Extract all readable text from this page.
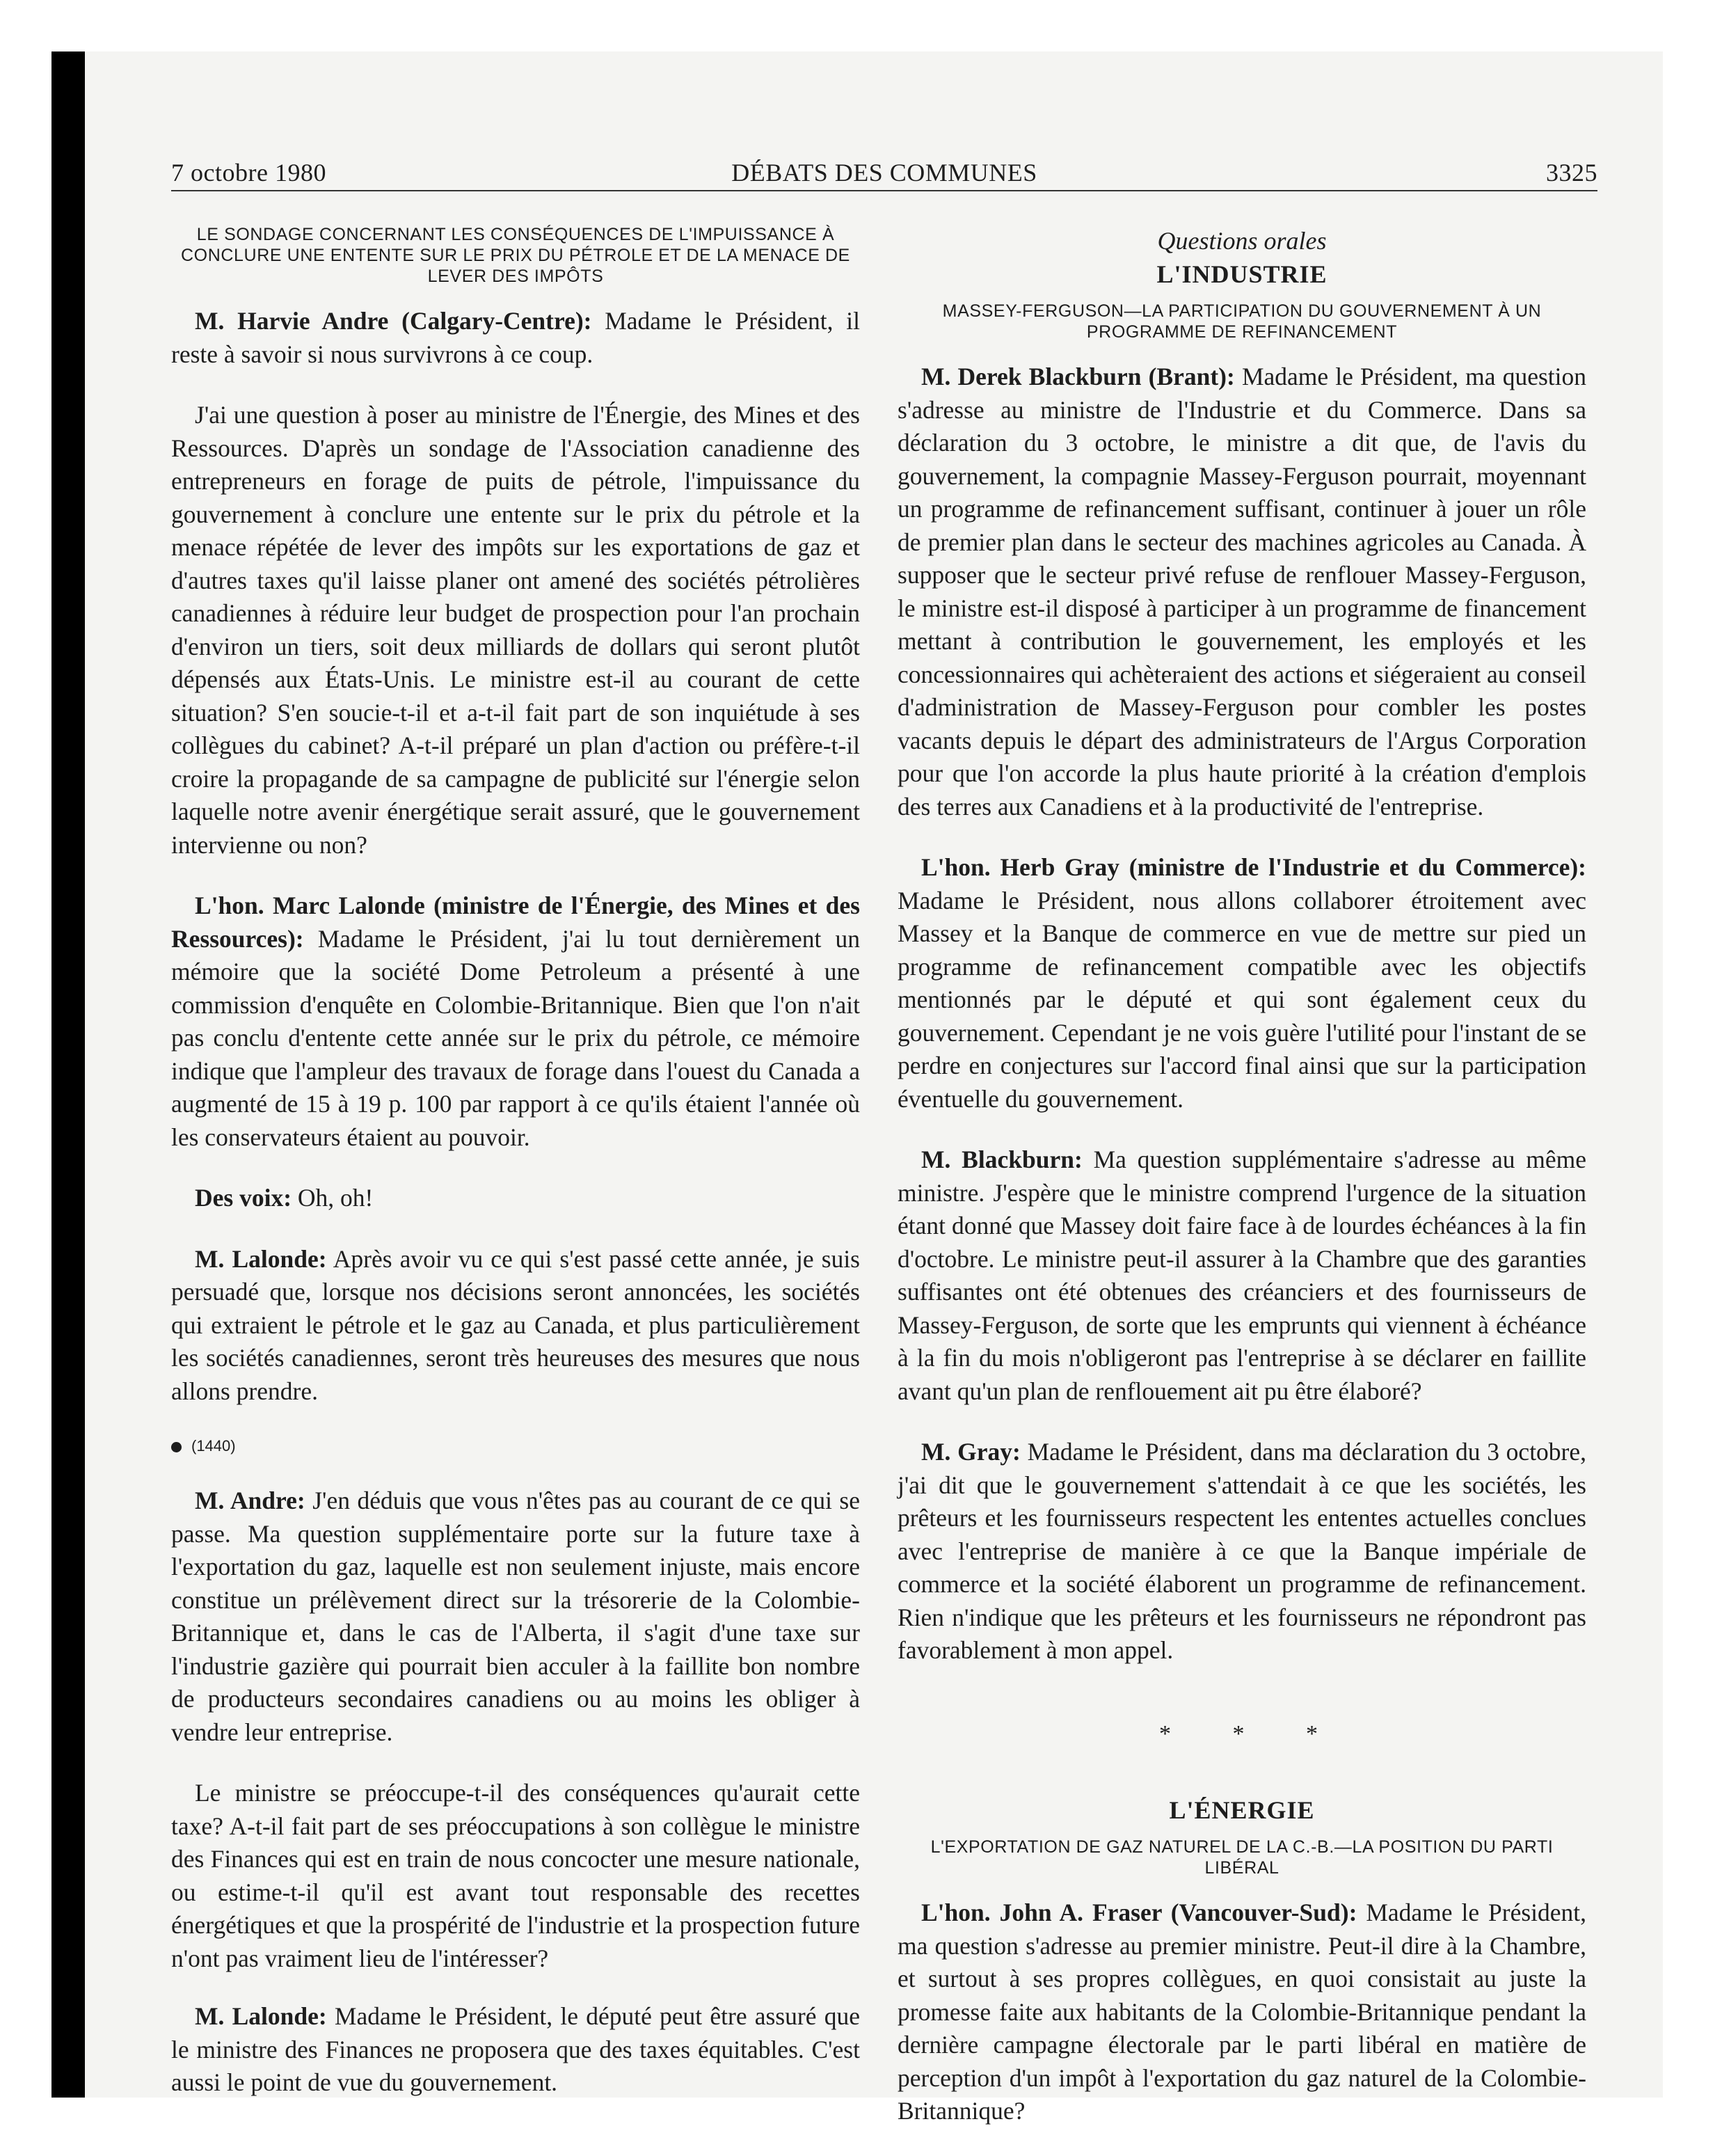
7 octobre 1980	DÉBATS DES COMMUNES	3325
LE SONDAGE CONCERNANT LES CONSÉQUENCES DE L'IMPUISSANCE À CONCLURE UNE ENTENTE SUR LE PRIX DU PÉTROLE ET DE LA MENACE DE LEVER DES IMPÔTS

M. Harvie Andre (Calgary-Centre): Madame le Président, il reste à savoir si nous survivrons à ce coup.

J'ai une question à poser au ministre de l'Énergie, des Mines et des Ressources. D'après un sondage de l'Association canadienne des entrepreneurs en forage de puits de pétrole, l'impuissance du gouvernement à conclure une entente sur le prix du pétrole et la menace répétée de lever des impôts sur les exportations de gaz et d'autres taxes qu'il laisse planer ont amené des sociétés pétrolières canadiennes à réduire leur budget de prospection pour l'an prochain d'environ un tiers, soit deux milliards de dollars qui seront plutôt dépensés aux États-Unis. Le ministre est-il au courant de cette situation? S'en soucie-t-il et a-t-il fait part de son inquiétude à ses collègues du cabinet? A-t-il préparé un plan d'action ou préfère-t-il croire la propagande de sa campagne de publicité sur l'énergie selon laquelle notre avenir énergétique serait assuré, que le gouvernement intervienne ou non?

L'hon. Marc Lalonde (ministre de l'Énergie, des Mines et des Ressources): Madame le Président, j'ai lu tout dernièrement un mémoire que la société Dome Petroleum a présenté à une commission d'enquête en Colombie-Britannique. Bien que l'on n'ait pas conclu d'entente cette année sur le prix du pétrole, ce mémoire indique que l'ampleur des travaux de forage dans l'ouest du Canada a augmenté de 15 à 19 p. 100 par rapport à ce qu'ils étaient l'année où les conservateurs étaient au pouvoir.

Des voix: Oh, oh!

M. Lalonde: Après avoir vu ce qui s'est passé cette année, je suis persuadé que, lorsque nos décisions seront annoncées, les sociétés qui extraient le pétrole et le gaz au Canada, et plus particulièrement les sociétés canadiennes, seront très heureuses des mesures que nous allons prendre.

(1440)

M. Andre: J'en déduis que vous n'êtes pas au courant de ce qui se passe. Ma question supplémentaire porte sur la future taxe à l'exportation du gaz, laquelle est non seulement injuste, mais encore constitue un prélèvement direct sur la trésorerie de la Colombie-Britannique et, dans le cas de l'Alberta, il s'agit d'une taxe sur l'industrie gazière qui pourrait bien acculer à la faillite bon nombre de producteurs secondaires canadiens ou au moins les obliger à vendre leur entreprise.

Le ministre se préoccupe-t-il des conséquences qu'aurait cette taxe? A-t-il fait part de ses préoccupations à son collègue le ministre des Finances qui est en train de nous concocter une mesure nationale, ou estime-t-il qu'il est avant tout responsable des recettes énergétiques et que la prospérité de l'industrie et la prospection future n'ont pas vraiment lieu de l'intéresser?

M. Lalonde: Madame le Président, le député peut être assuré que le ministre des Finances ne proposera que des taxes équitables. C'est aussi le point de vue du gouvernement.

Questions orales
L'INDUSTRIE
MASSEY-FERGUSON—LA PARTICIPATION DU GOUVERNEMENT À UN PROGRAMME DE REFINANCEMENT

M. Derek Blackburn (Brant): Madame le Président, ma question s'adresse au ministre de l'Industrie et du Commerce. Dans sa déclaration du 3 octobre, le ministre a dit que, de l'avis du gouvernement, la compagnie Massey-Ferguson pourrait, moyennant un programme de refinancement suffisant, continuer à jouer un rôle de premier plan dans le secteur des machines agricoles au Canada. À supposer que le secteur privé refuse de renflouer Massey-Ferguson, le ministre est-il disposé à participer à un programme de financement mettant à contribution le gouvernement, les employés et les concessionnaires qui achèteraient des actions et siégeraient au conseil d'administration de Massey-Ferguson pour combler les postes vacants depuis le départ des administrateurs de l'Argus Corporation pour que l'on accorde la plus haute priorité à la création d'emplois des terres aux Canadiens et à la productivité de l'entreprise.

L'hon. Herb Gray (ministre de l'Industrie et du Commerce): Madame le Président, nous allons collaborer étroitement avec Massey et la Banque de commerce en vue de mettre sur pied un programme de refinancement compatible avec les objectifs mentionnés par le député et qui sont également ceux du gouvernement. Cependant je ne vois guère l'utilité pour l'instant de se perdre en conjectures sur l'accord final ainsi que sur la participation éventuelle du gouvernement.

M. Blackburn: Ma question supplémentaire s'adresse au même ministre. J'espère que le ministre comprend l'urgence de la situation étant donné que Massey doit faire face à de lourdes échéances à la fin d'octobre. Le ministre peut-il assurer à la Chambre que des garanties suffisantes ont été obtenues des créanciers et des fournisseurs de Massey-Ferguson, de sorte que les emprunts qui viennent à échéance à la fin du mois n'obligeront pas l'entreprise à se déclarer en faillite avant qu'un plan de renflouement ait pu être élaboré?

M. Gray: Madame le Président, dans ma déclaration du 3 octobre, j'ai dit que le gouvernement s'attendait à ce que les sociétés, les prêteurs et les fournisseurs respectent les ententes actuelles conclues avec l'entreprise de manière à ce que la Banque impériale de commerce et la société élaborent un programme de refinancement. Rien n'indique que les prêteurs et les fournisseurs ne répondront pas favorablement à mon appel.

* * *
L'ÉNERGIE
L'EXPORTATION DE GAZ NATUREL DE LA C.-B.—LA POSITION DU PARTI LIBÉRAL

L'hon. John A. Fraser (Vancouver-Sud): Madame le Président, ma question s'adresse au premier ministre. Peut-il dire à la Chambre, et surtout à ses propres collègues, en quoi consistait au juste la promesse faite aux habitants de la Colombie-Britannique pendant la dernière campagne électorale par le parti libéral en matière de perception d'un impôt à l'exportation du gaz naturel de la Colombie-Britannique?
